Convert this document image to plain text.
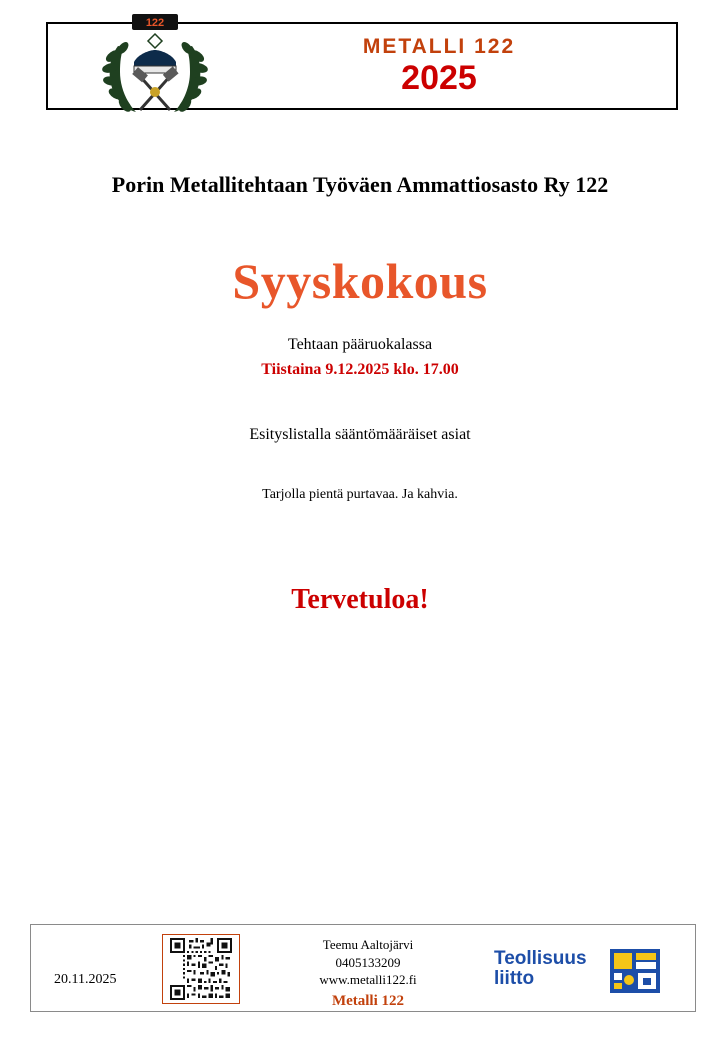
METALLI 122
2025
122
Porin Metallitehtaan Työväen Ammattiosasto Ry 122
Syyskokous
Tehtaan pääruokalassa
Tiistaina 9.12.2025 klo. 17.00
Esityslistalla sääntömääräiset asiat
Tarjolla pientä purtavaa. Ja kahvia.
Tervetuloa!
20.11.2025
Teemu Aaltojärvi
0405133209
www.metalli122.fi
Metalli 122
Teollisuus
liitto
